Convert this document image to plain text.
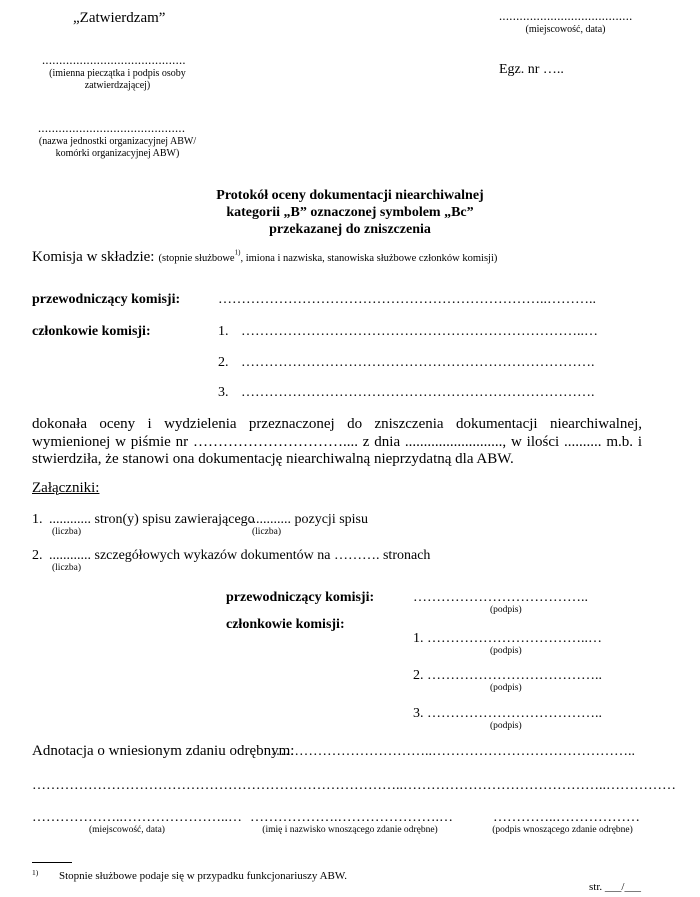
„Zatwierdzam”	.......................................
(miejscowość, data)
..........................................
(imienna pieczątka i podpis osoby
zatwierdzającej)
Egz. nr …..
...........................................
(nazwa jednostki organizacyjnej ABW/
komórki organizacyjnej ABW)
Protokół oceny dokumentacji niearchiwalnej
kategorii „B” oznaczonej symbolem „Bc”
przekazanej do zniszczenia
Komisja w składzie: (stopnie służbowe$^{1)}$, imiona i nazwiska, stanowiska służbowe członków komisji)
przewodniczący komisji:	……………………………………………………………..………..
członkowie komisji:	1. ………………………………………………………………..…
2. ………………………………………………………………….
3. ………………………………………………………………….
dokonała oceny i wydzielenia przeznaczonej do zniszczenia dokumentacji niearchiwalnej, wymienionej w piśmie nr ………………………….... z dnia .........................., w ilości .......... m.b. i stwierdziła, że stanowi ona dokumentację niearchiwalną nieprzydatną dla ABW.
Załączniki:
1. ............ stron(y) spisu zawierającego
............ pozycji spisu
(liczba)	(liczba)
2. ............ szczegółowych wykazów dokumentów na ………. stronach
(liczba)
przewodniczący komisji:	………………………………..
(podpis)
członkowie komisji:
1. ……………………………..…
(podpis)
2. ………………………………..
(podpis)
3. ………………………………..
(podpis)
Adnotacja o wniesionym zdaniu odrębnym:
……………………………..……………………………………..
……………………………………………………………………..……………………………………..……………
………………..…………………..… ……………….………………….…	…………..………………
(miejscowość, data)	(imię i nazwisko wnoszącego zdanie odrębne)	(podpis wnoszącego zdanie odrębne)
1) Stopnie służbowe podaje się w przypadku funkcjonariuszy ABW.
str. ___/___
